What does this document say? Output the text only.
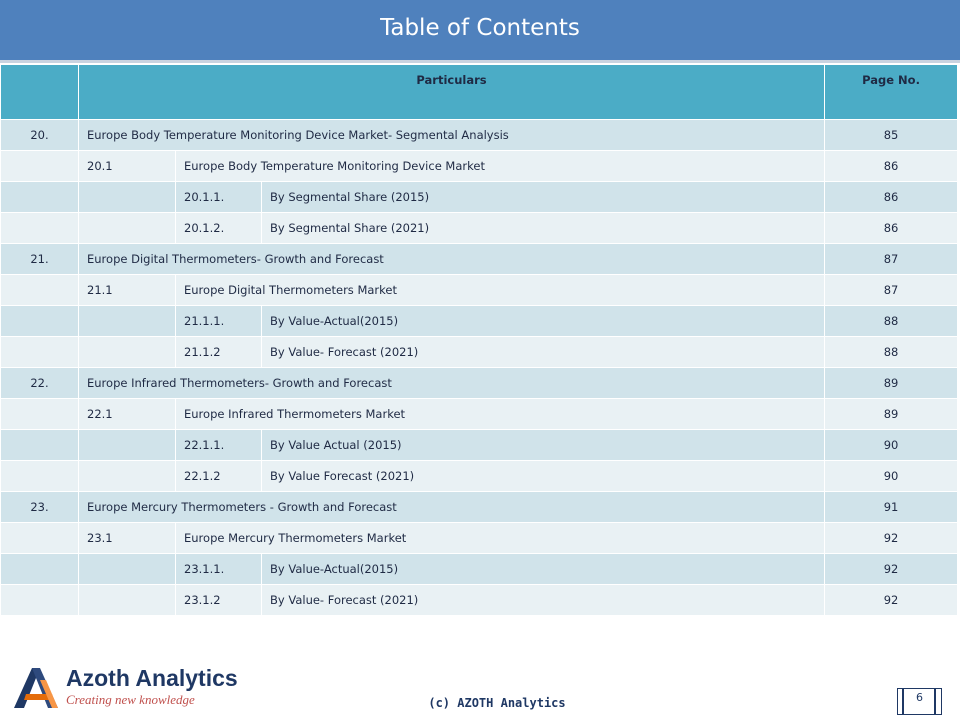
Table of Contents
	Particulars			Page No.
20.	Europe Body Temperature Monitoring Device Market- Segmental Analysis			85
	20.1	Europe Body Temperature Monitoring Device Market		86
		20.1.1.	By Segmental Share (2015)	86
		20.1.2.	By Segmental Share (2021)	86
21.	Europe Digital Thermometers- Growth and Forecast			87
	21.1	Europe Digital Thermometers Market		87
		21.1.1.	By Value-Actual(2015)	88
		21.1.2	By Value- Forecast (2021)	88
22.	Europe Infrared Thermometers- Growth and Forecast			89
	22.1	Europe Infrared Thermometers Market		89
		22.1.1.	By Value Actual (2015)	90
		22.1.2	By Value Forecast (2021)	90
23.	Europe Mercury Thermometers - Growth and Forecast			91
	23.1	Europe Mercury Thermometers Market		92
		23.1.1.	By Value-Actual(2015)	92
		23.1.2	By Value- Forecast (2021)	92
Azoth Analytics
Creating new knowledge	(c) AZOTH Analytics	6
